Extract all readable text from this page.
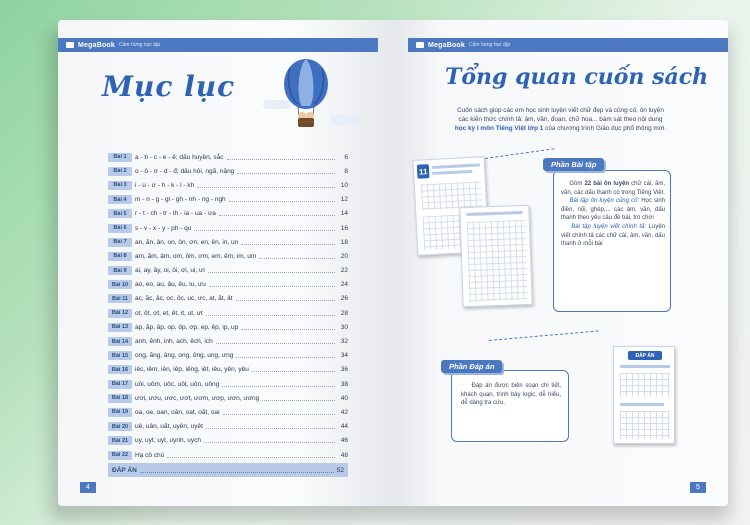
MegaBook Cảm hứng học tập
Mục lục
Bài 1	a - b - c - e - ê; dấu huyền, sắc	6
Bài 2	o - ô - ơ - d - đ; dấu hỏi, ngã, nặng	8
Bài 3	i - u - ư - h - k - l - kh	10
Bài 4	m - n - g - gi - gh - nh - ng - ngh	12
Bài 5	r - t - ch - tr - th - ia - ua - ưa	14
Bài 6	s - v - x - y - ph - qu	16
Bài 7	an, ăn, ân, on, ôn, ơn, en, ên, in, un	18
Bài 8	am, ăm, âm, om, ôm, ơm, em, êm, im, um	20
Bài 9	ai, ay, ây, oi, ôi, ơi, ui, ưi	22
Bài 10	ao, eo, au, âu, êu, iu, ưu	24
Bài 11	ac, ăc, âc, oc, ôc, uc, ưc, at, ăt, ât	26
Bài 12	ot, ôt, ơt, et, êt, it, ut, ưt	28
Bài 13	ap, ăp, âp, op, ôp, ơp, ep, êp, ip, up	30
Bài 14	anh, ênh, inh, ach, êch, ich	32
Bài 15	ong, ăng, âng, ong, ông, ung, ưng	34
Bài 16	iêc, iêm, iên, iêp, iêng, iêt, iêu, yên, yêu	36
Bài 17	uôi, uôm, uôc, uôt, uôn, uông	38
Bài 18	ươi, ươu, ươc, ươt, ươm, ươp, ươn, ương	40
Bài 19	oa, oe, oan, oăn, oat, oăt, oai	42
Bài 20	uê, uân, uất, uyên, uyêt	44
Bài 21	uy, uyt, uyt, uynh, uych	46
Bài 22	Hạ cô chú	48
ĐÁP ÁN	52
4
MegaBook Cảm hứng học tập
Tổng quan cuốn sách
Cuốn sách giúp các em học sinh luyện viết chữ đẹp và củng cố, ôn luyện
các kiến thức chính tả: âm, vần, đoạn, chữ hoa... bám sát theo nội dung
học kỳ I môn Tiếng Việt lớp 1 của chương trình Giáo dục phổ thông mới.
11
Phần Bài tập
Gồm 22 bài ôn luyện chữ cái, âm, vần, các dấu thanh có trong Tiếng Việt.
Bài tập ôn luyện củng cố: Học sinh điền, nối, ghép,... các âm, vần, dấu thanh theo yêu cầu đề bài, trò chơi
Bài tập luyện viết chính tả: Luyện viết chính tả các chữ cái, âm, vần, dấu thanh ở mỗi bài
Phần Đáp án
Đáp án được biên soạn chi tiết, khách quan, trình bày logic, dễ hiểu, dễ dàng tra cứu.
ĐÁP ÁN
5
